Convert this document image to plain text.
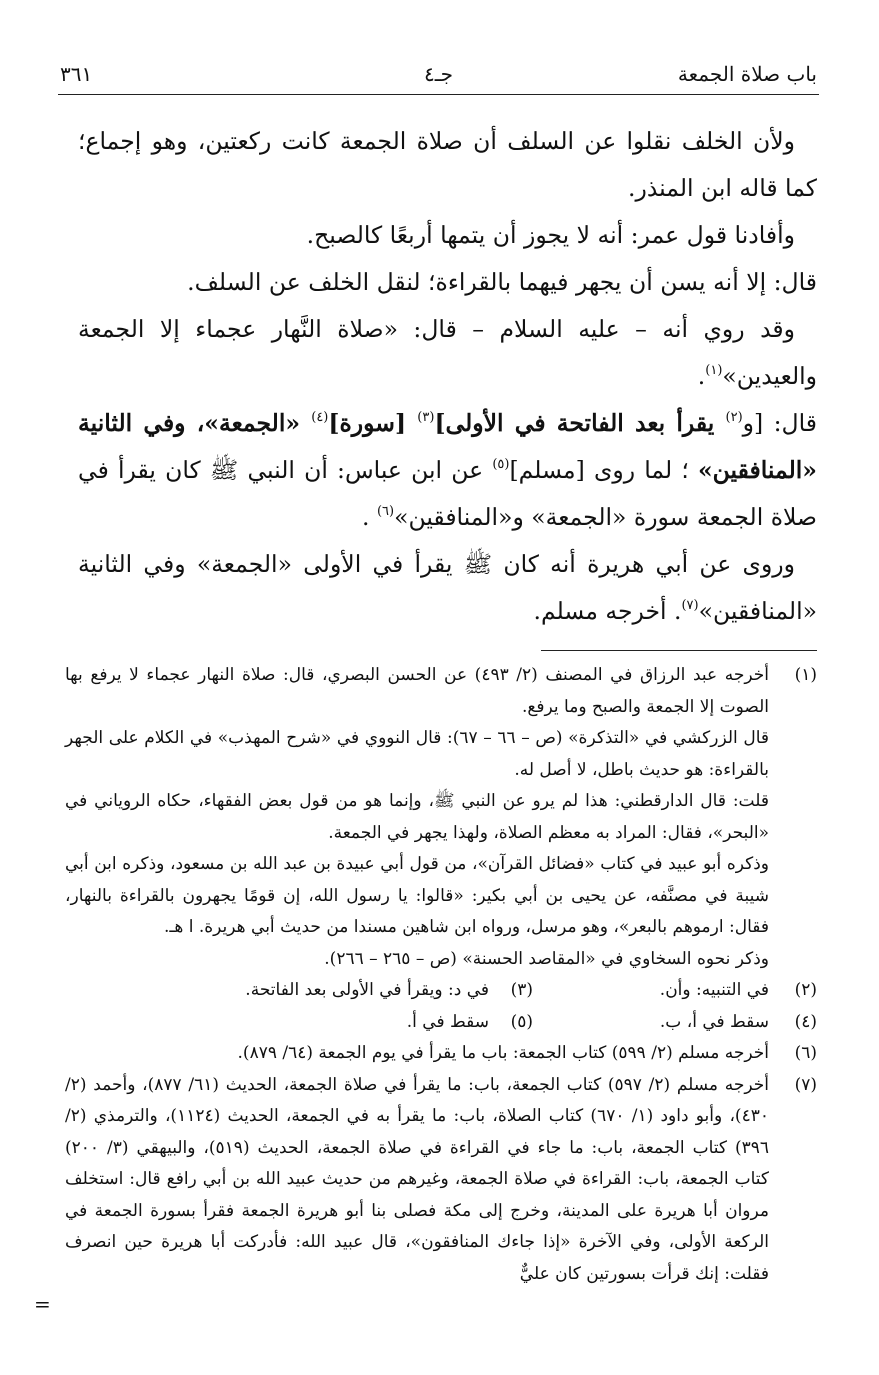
باب صلاة الجمعة
جـ٤
٣٦١

ولأن الخلف نقلوا عن السلف أن صلاة الجمعة كانت ركعتين، وهو إجماع؛ كما قاله ابن المنذر.

وأفادنا قول عمر: أنه لا يجوز أن يتمها أربعًا كالصبح.

قال: إلا أنه يسن أن يجهر فيهما بالقراءة؛ لنقل الخلف عن السلف.

وقد روي أنه – عليه السلام – قال: «صلاة النَّهار عجماء إلا الجمعة والعيدين»$^{(١)}$.

قال: [و$^{(٢)}$ يقرأ بعد الفاتحة في الأولى]$^{(٣)}$ [سورة]$^{(٤)}$ «الجمعة»، وفي الثانية «المنافقين» ؛ لما روى [مسلم]$^{(٥)}$ عن ابن عباس: أن النبي ﷺ كان يقرأ في صلاة الجمعة سورة «الجمعة» و«المنافقين»$^{(٦)}$ .

وروى عن أبي هريرة أنه كان ﷺ يقرأ في الأولى «الجمعة» وفي الثانية «المنافقين»$^{(٧)}$. أخرجه مسلم.

(١)
أخرجه عبد الرزاق في المصنف (٢/ ٤٩٣) عن الحسن البصري، قال: صلاة النهار عجماء لا يرفع بها الصوت إلا الجمعة والصبح وما يرفع.
قال الزركشي في «التذكرة» (ص – ٦٦ – ٦٧): قال النووي في «شرح المهذب» في الكلام على الجهر بالقراءة: هو حديث باطل، لا أصل له.
قلت: قال الدارقطني: هذا لم يرو عن النبي ﷺ، وإنما هو من قول بعض الفقهاء، حكاه الروياني في «البحر»، فقال: المراد به معظم الصلاة، ولهذا يجهر في الجمعة.
وذكره أبو عبيد في كتاب «فضائل القرآن»، من قول أبي عبيدة بن عبد الله بن مسعود، وذكره ابن أبي شيبة في مصنَّفه، عن يحيى بن أبي بكير: «قالوا: يا رسول الله، إن قومًا يجهرون بالقراءة بالنهار، فقال: ارموهم بالبعر»، وهو مرسل، ورواه ابن شاهين مسندا من حديث أبي هريرة. ا هـ.
وذكر نحوه السخاوي في «المقاصد الحسنة» (ص – ٢٦٥ – ٢٦٦).
(٢)
في التنبيه: وأن.
(٣)
في د: ويقرأ في الأولى بعد الفاتحة.
(٤)
سقط في أ، ب.
(٥)
سقط في أ.
(٦)
أخرجه مسلم (٢/ ٥٩٩) كتاب الجمعة: باب ما يقرأ في يوم الجمعة (٦٤/ ٨٧٩).
(٧)
أخرجه مسلم (٢/ ٥٩٧) كتاب الجمعة، باب: ما يقرأ في صلاة الجمعة، الحديث (٦١/ ٨٧٧)، وأحمد (٢/ ٤٣٠)، وأبو داود (١/ ٦٧٠) كتاب الصلاة، باب: ما يقرأ به في الجمعة، الحديث (١١٢٤)، والترمذي (٢/ ٣٩٦) كتاب الجمعة، باب: ما جاء في القراءة في صلاة الجمعة، الحديث (٥١٩)، والبيهقي (٣/ ٢٠٠) كتاب الجمعة، باب: القراءة في صلاة الجمعة، وغيرهم من حديث عبيد الله بن أبي رافع قال: استخلف مروان أبا هريرة على المدينة، وخرج إلى مكة فصلى بنا أبو هريرة الجمعة فقرأ بسورة الجمعة في الركعة الأولى، وفي الآخرة «إذا جاءك المنافقون»، قال عبيد الله: فأدركت أبا هريرة حين انصرف فقلت: إنك قرأت بسورتين كان عليٌّ
=
